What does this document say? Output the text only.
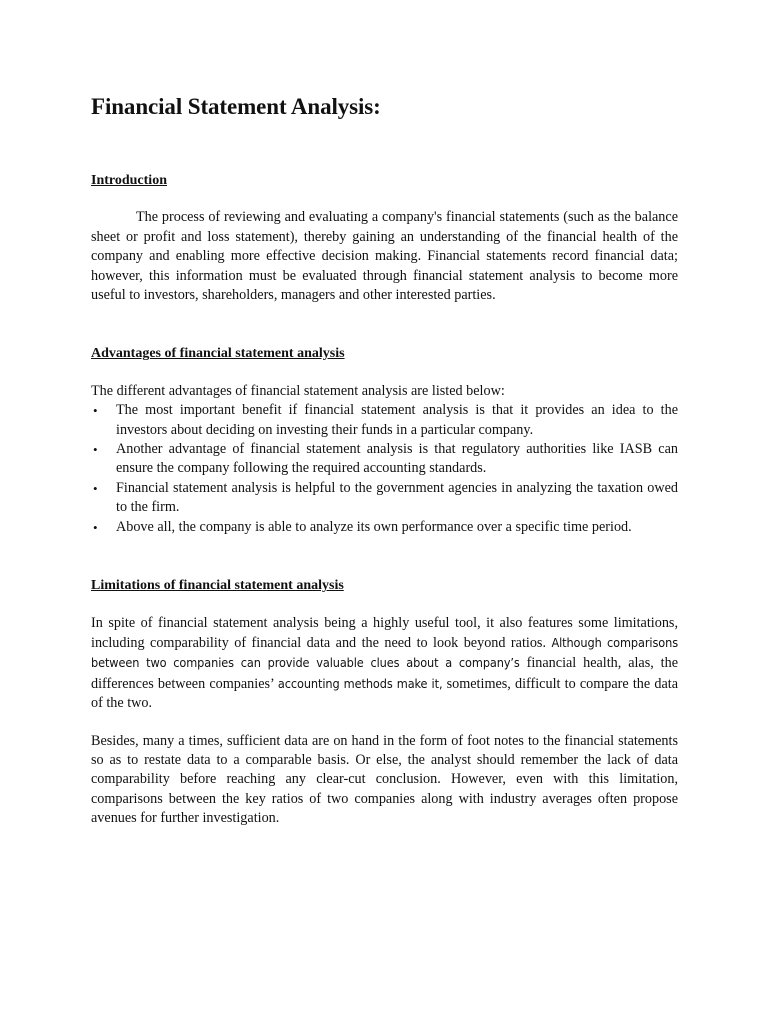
Financial Statement Analysis:
Introduction

The process of reviewing and evaluating a company's financial statements (such as the balance sheet or profit and loss statement), thereby gaining an understanding of the financial health of the company and enabling more effective decision making. Financial statements record financial data; however, this information must be evaluated through financial statement analysis to become more useful to investors, shareholders, managers and other interested parties.

Advantages of financial statement analysis

The different advantages of financial statement analysis are listed below:

• The most important benefit if financial statement analysis is that it provides an idea to the investors about deciding on investing their funds in a particular company.
• Another advantage of financial statement analysis is that regulatory authorities like IASB can ensure the company following the required accounting standards.
• Financial statement analysis is helpful to the government agencies in analyzing the taxation owed to the firm.
• Above all, the company is able to analyze its own performance over a specific time period.
Limitations of financial statement analysis

In spite of financial statement analysis being a highly useful tool, it also features some limitations, including comparability of financial data and the need to look beyond ratios. Although comparisons between two companies can provide valuable clues about a company’s financial health, alas, the differences between companies’ accounting methods make it, sometimes, difficult to compare the data of the two.

Besides, many a times, sufficient data are on hand in the form of foot notes to the financial statements so as to restate data to a comparable basis. Or else, the analyst should remember the lack of data comparability before reaching any clear-cut conclusion. However, even with this limitation, comparisons between the key ratios of two companies along with industry averages often propose avenues for further investigation.
